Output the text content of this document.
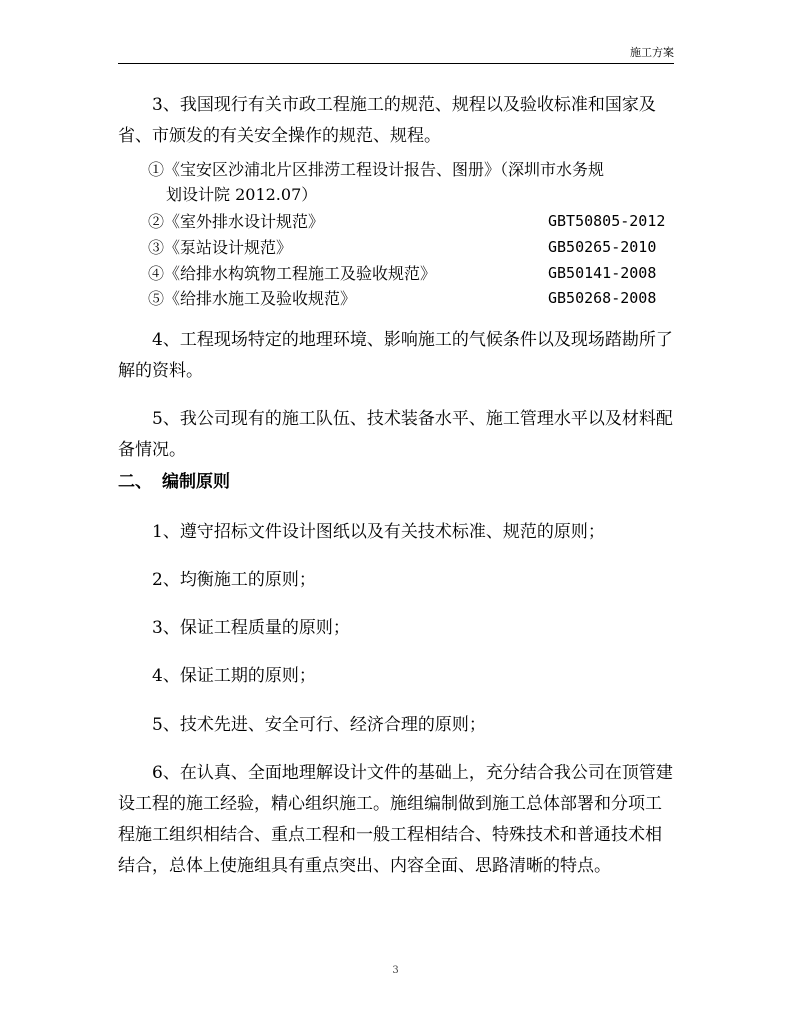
施工方案

3、我国现行有关市政工程施工的规范、规程以及验收标准和国家及省、市颁发的有关安全操作的规范、规程。

①《宝安区沙浦北片区排涝工程设计报告、图册》（深圳市水务规

划设计院 2012.07）
②《室外排水设计规范》	GBT50805-2012
③《泵站设计规范》	GB50265-2010
④《给排水构筑物工程施工及验收规范》	GB50141-2008
⑤《给排水施工及验收规范》	GB50268-2008

4、工程现场特定的地理环境、影响施工的气候条件以及现场踏勘所了解的资料。

5、我公司现有的施工队伍、技术装备水平、施工管理水平以及材料配备情况。

二、 编制原则

1、遵守招标文件设计图纸以及有关技术标准、规范的原则；

2、均衡施工的原则；

3、保证工程质量的原则；

4、保证工期的原则；

5、技术先进、安全可行、经济合理的原则；

6、在认真、全面地理解设计文件的基础上，充分结合我公司在顶管建设工程的施工经验，精心组织施工。施组编制做到施工总体部署和分项工程施工组织相结合、重点工程和一般工程相结合、特殊技术和普通技术相结合，总体上使施组具有重点突出、内容全面、思路清晰的特点。

3
